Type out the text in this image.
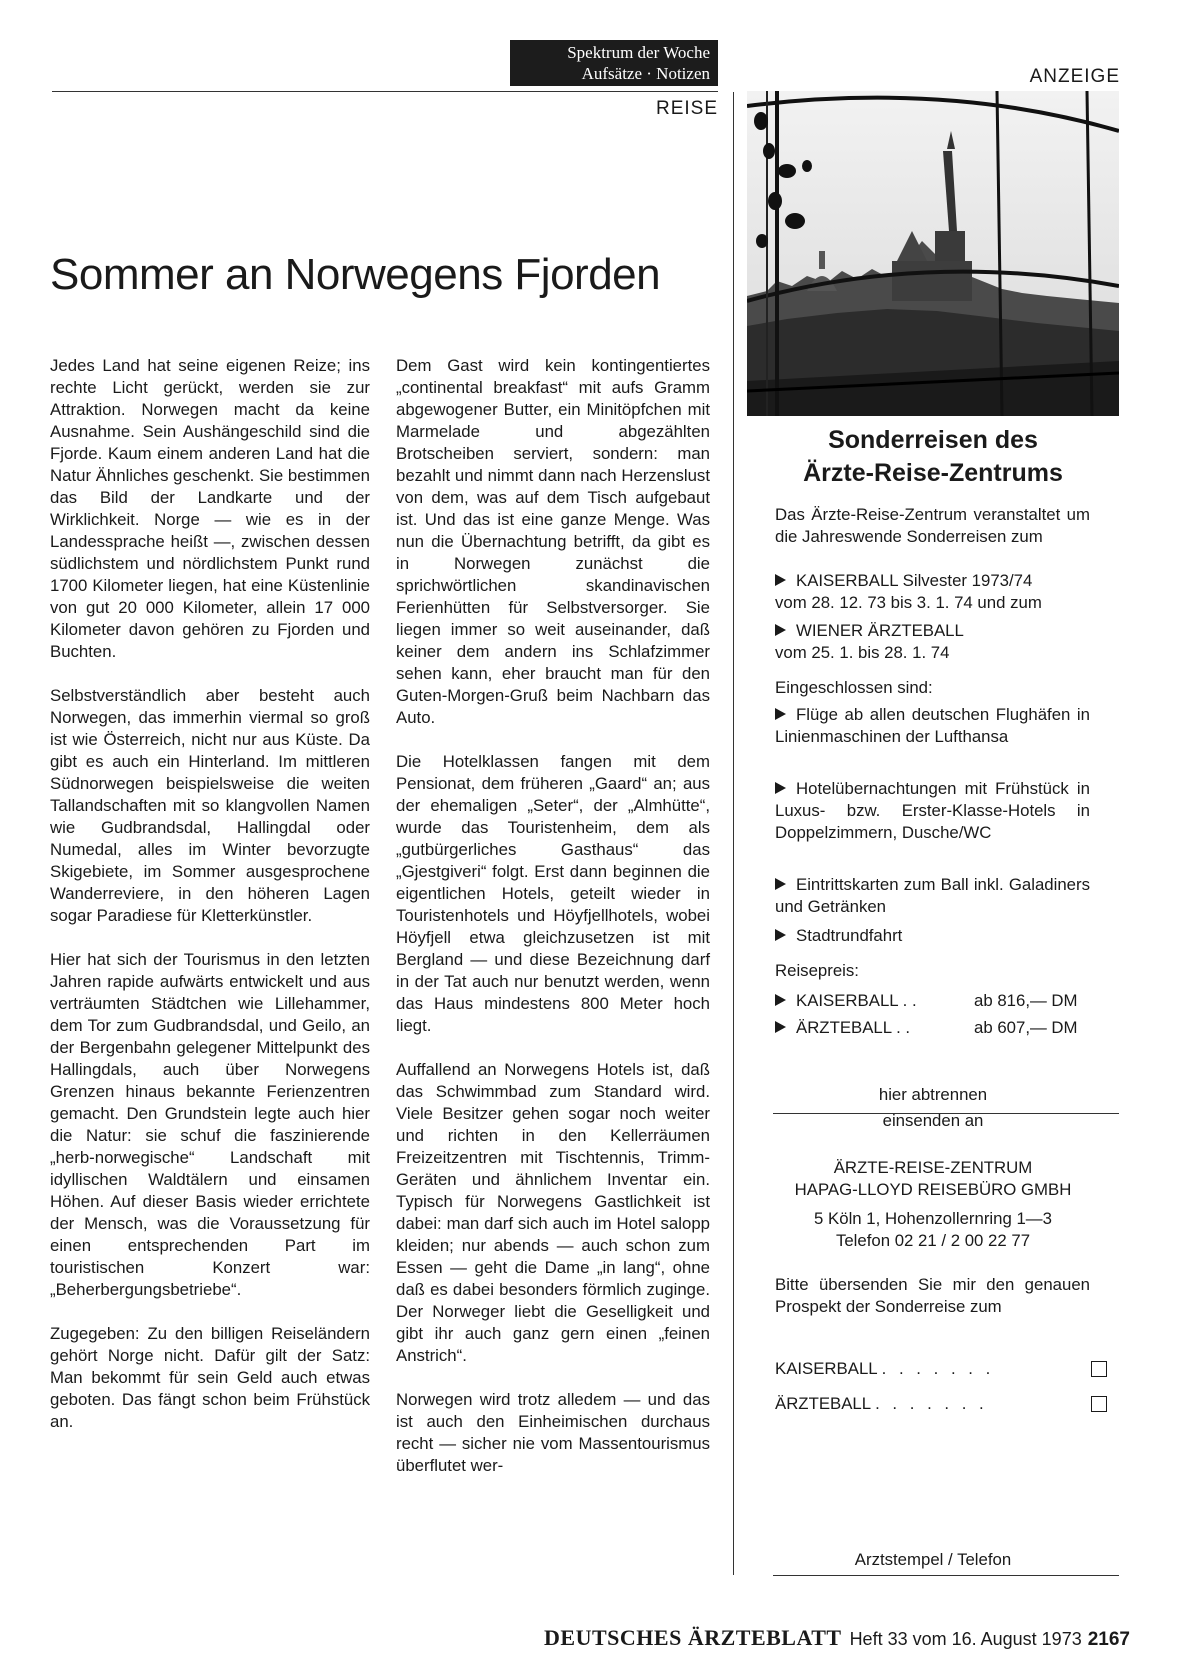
Spektrum der Woche
Aufsätze · Notizen
REISE
ANZEIGE
Sommer an Norwegens Fjorden

Jedes Land hat seine eigenen Reize; ins rechte Licht gerückt, werden sie zur Attraktion. Norwegen macht da keine Ausnahme. Sein Aushängeschild sind die Fjorde. Kaum einem anderen Land hat die Natur Ähnliches geschenkt. Sie bestimmen das Bild der Landkarte und der Wirklichkeit. Norge — wie es in der Landessprache heißt —, zwischen dessen südlichstem und nördlichstem Punkt rund 1700 Kilometer liegen, hat eine Küstenlinie von gut 20 000 Kilometer, allein 17 000 Kilometer davon gehören zu Fjorden und Buchten.

Selbstverständlich aber besteht auch Norwegen, das immerhin viermal so groß ist wie Österreich, nicht nur aus Küste. Da gibt es auch ein Hinterland. Im mittleren Südnorwegen beispielsweise die weiten Tallandschaften mit so klangvollen Namen wie Gudbrandsdal, Hallingdal oder Numedal, alles im Winter bevorzugte Skigebiete, im Sommer ausgesprochene Wanderreviere, in den höheren Lagen sogar Paradiese für Kletterkünstler.

Hier hat sich der Tourismus in den letzten Jahren rapide aufwärts entwickelt und aus verträumten Städtchen wie Lillehammer, dem Tor zum Gudbrandsdal, und Geilo, an der Bergenbahn gelegener Mittelpunkt des Hallingdals, auch über Norwegens Grenzen hinaus bekannte Ferienzentren gemacht. Den Grundstein legte auch hier die Natur: sie schuf die faszinierende „herb-norwegische“ Landschaft mit idyllischen Waldtälern und einsamen Höhen. Auf dieser Basis wieder errichtete der Mensch, was die Voraussetzung für einen entsprechenden Part im touristischen Konzert war: „Beherbergungsbetriebe“.

Zugegeben: Zu den billigen Reiseländern gehört Norge nicht. Dafür gilt der Satz: Man bekommt für sein Geld auch etwas geboten. Das fängt schon beim Frühstück an.

Dem Gast wird kein kontingentiertes „continental breakfast“ mit aufs Gramm abgewogener Butter, ein Minitöpfchen mit Marmelade und abgezählten Brotscheiben serviert, sondern: man bezahlt und nimmt dann nach Herzenslust von dem, was auf dem Tisch aufgebaut ist. Und das ist eine ganze Menge. Was nun die Übernachtung betrifft, da gibt es in Norwegen zunächst die sprichwörtlichen skandinavischen Ferienhütten für Selbstversorger. Sie liegen immer so weit auseinander, daß keiner dem andern ins Schlafzimmer sehen kann, eher braucht man für den Guten-Morgen-Gruß beim Nachbarn das Auto.

Die Hotelklassen fangen mit dem Pensionat, dem früheren „Gaard“ an; aus der ehemaligen „Seter“, der „Almhütte“, wurde das Touristenheim, dem als „gutbürgerliches Gasthaus“ das „Gjestgiveri“ folgt. Erst dann beginnen die eigentlichen Hotels, geteilt wieder in Touristenhotels und Höyfjellhotels, wobei Höyfjell etwa gleichzusetzen ist mit Bergland — und diese Bezeichnung darf in der Tat auch nur benutzt werden, wenn das Haus mindestens 800 Meter hoch liegt.

Auffallend an Norwegens Hotels ist, daß das Schwimmbad zum Standard wird. Viele Besitzer gehen sogar noch weiter und richten in den Kellerräumen Freizeitzentren mit Tischtennis, Trimm-Geräten und ähnlichem Inventar ein. Typisch für Norwegens Gastlichkeit ist dabei: man darf sich auch im Hotel salopp kleiden; nur abends — auch schon zum Essen — geht die Dame „in lang“, ohne daß es dabei besonders förmlich zuginge. Der Norweger liebt die Geselligkeit und gibt ihr auch ganz gern einen „feinen Anstrich“.

Norwegen wird trotz alledem — und das ist auch den Einheimischen durchaus recht — sicher nie vom Massentourismus überflutet wer-

Sonderreisen des
Ärzte-Reise-Zentrums
Das Ärzte-Reise-Zentrum veranstaltet um die Jahreswende Sonderreisen zum
KAISERBALL Silvester 1973/74
vom 28. 12. 73 bis 3. 1. 74 und zum
WIENER ÄRZTEBALL
vom 25. 1. bis 28. 1. 74
Eingeschlossen sind:
Flüge ab allen deutschen Flughäfen in Linienmaschinen der Lufthansa
Hotelübernachtungen mit Frühstück in Luxus- bzw. Erster-Klasse-Hotels in Doppelzimmern, Dusche/WC
Eintrittskarten zum Ball inkl. Galadiners und Getränken
Stadtrundfahrt
Reisepreis:
KAISERBALL . .	ab 816,— DM
ÄRZTEBALL . .	ab 607,— DM
hier abtrennen
einsenden an
ÄRZTE-REISE-ZENTRUM
HAPAG-LLOYD REISEBÜRO GMBH
5 Köln 1, Hohenzollernring 1—3
Telefon 02 21 / 2 00 22 77
Bitte übersenden Sie mir den genauen Prospekt der Sonderreise zum
KAISERBALL . . . . . . .
ÄRZTEBALL . . . . . . .
Arztstempel / Telefon
DEUTSCHES ÄRZTEBLATT Heft 33 vom 16. August 1973 2167
